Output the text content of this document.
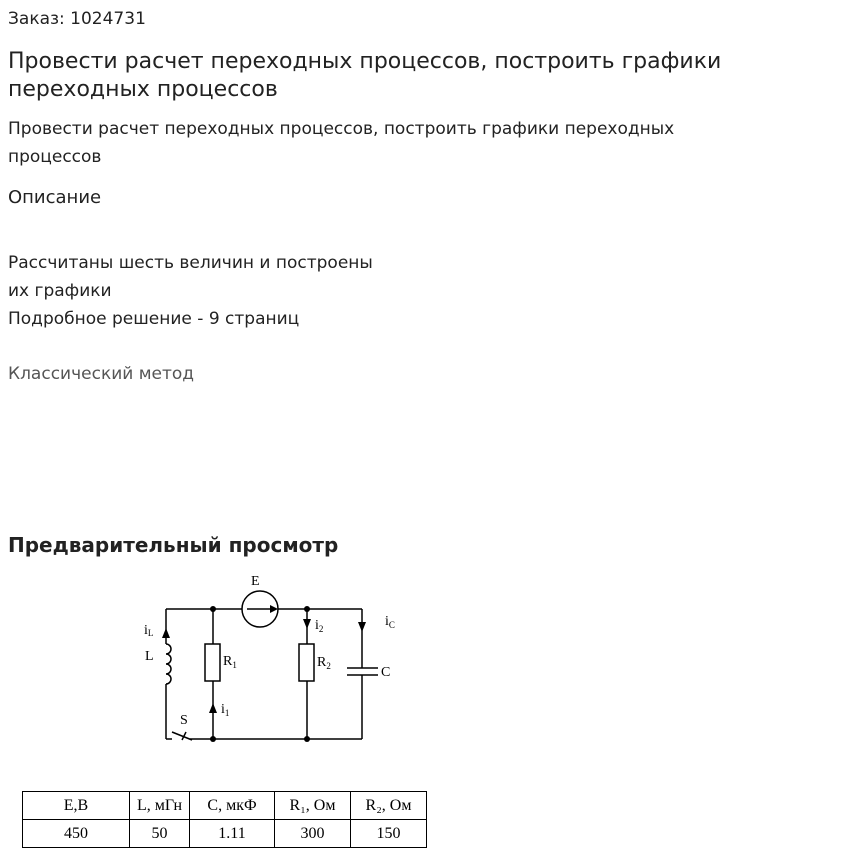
Заказ: 1024731
Провести расчет переходных процессов, построить графики
переходных процессов
Провести расчет переходных процессов, построить графики переходных
процессов
Описание
Рассчитаны шесть величин и построены
их графики
Подробное решение - 9 страниц
Классический метод
Предварительный просмотр
E
iL
L	$R_1$
$i_1$
$i_2$
$R_2$
$i_C$
C
S
E,B	L, мГн	C, мкФ	R₁, Ом	R₂, Ом
450	50	1.11	300	150
